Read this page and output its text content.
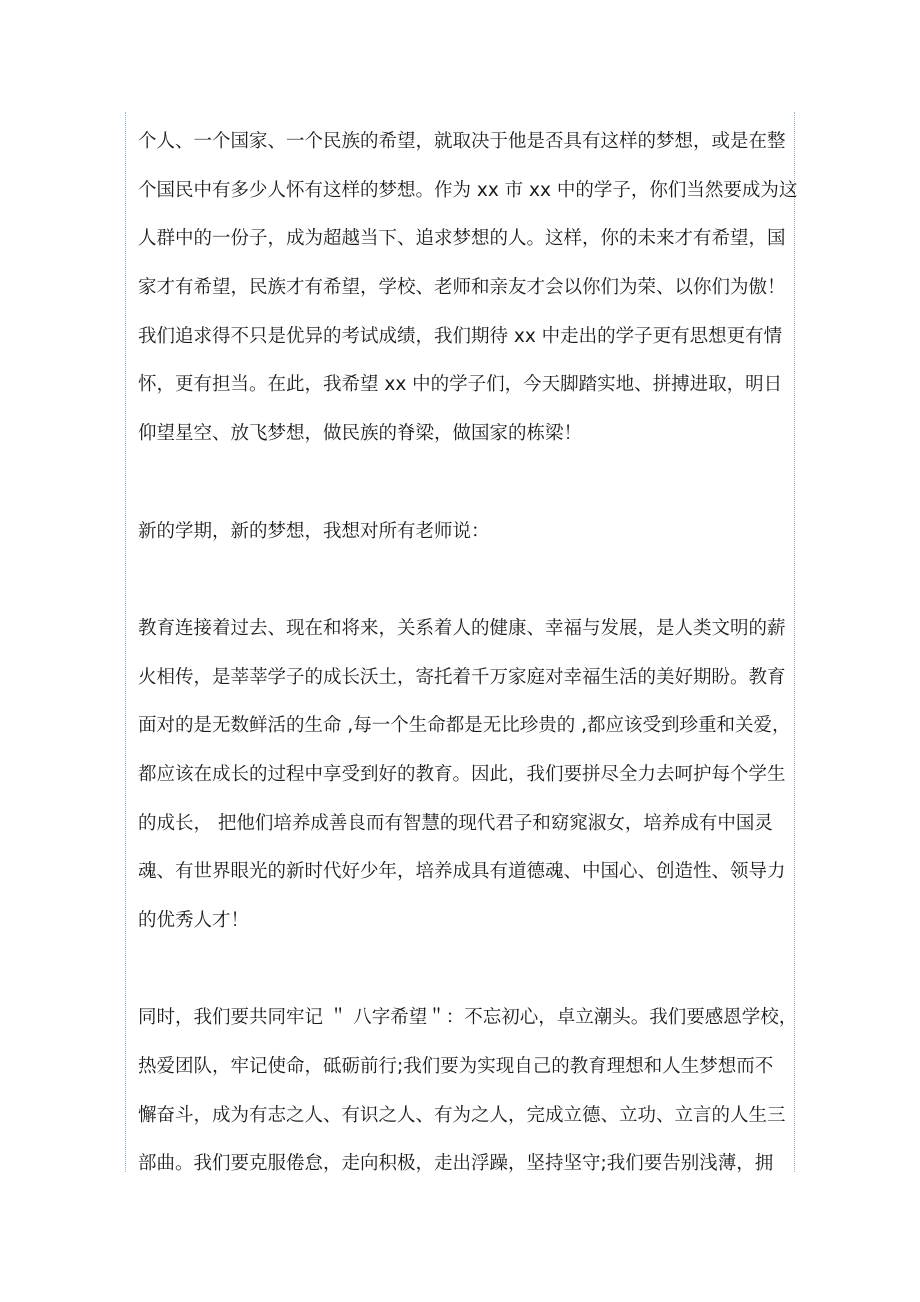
个人、一个国家、一个民族的希望，就取决于他是否具有这样的梦想，或是在整
个国民中有多少人怀有这样的梦想。作为 xx 市 xx 中的学子，你们当然要成为这
人群中的一份子，成为超越当下、追求梦想的人。这样，你的未来才有希望，国
家才有希望，民族才有希望，学校、老师和亲友才会以你们为荣、以你们为傲！
我们追求得不只是优异的考试成绩，我们期待 xx 中走出的学子更有思想更有情
怀，更有担当。在此，我希望 xx 中的学子们，今天脚踏实地、拼搏进取，明日
仰望星空、放飞梦想，做民族的脊梁，做国家的栋梁！
新的学期，新的梦想，我想对所有老师说：
教育连接着过去、现在和将来，关系着人的健康、幸福与发展，是人类文明的薪
火相传，是莘莘学子的成长沃土，寄托着千万家庭对幸福生活的美好期盼。教育
面对的是无数鲜活的生命 ,每一个生命都是无比珍贵的 ,都应该受到珍重和关爱，
都应该在成长的过程中享受到好的教育。因此，我们要拼尽全力去呵护每个学生
的成长， 把他们培养成善良而有智慧的现代君子和窈窕淑女，培养成有中国灵
魂、有世界眼光的新时代好少年，培养成具有道德魂、中国心、创造性、领导力
的优秀人才！
同时，我们要共同牢记 ＂ 八字希望＂：不忘初心，卓立潮头。我们要感恩学校，
热爱团队，牢记使命，砥砺前行;我们要为实现自己的教育理想和人生梦想而不
懈奋斗，成为有志之人、有识之人、有为之人，完成立德、立功、立言的人生三
部曲。我们要克服倦怠，走向积极，走出浮躁，坚持坚守;我们要告别浅薄，拥
